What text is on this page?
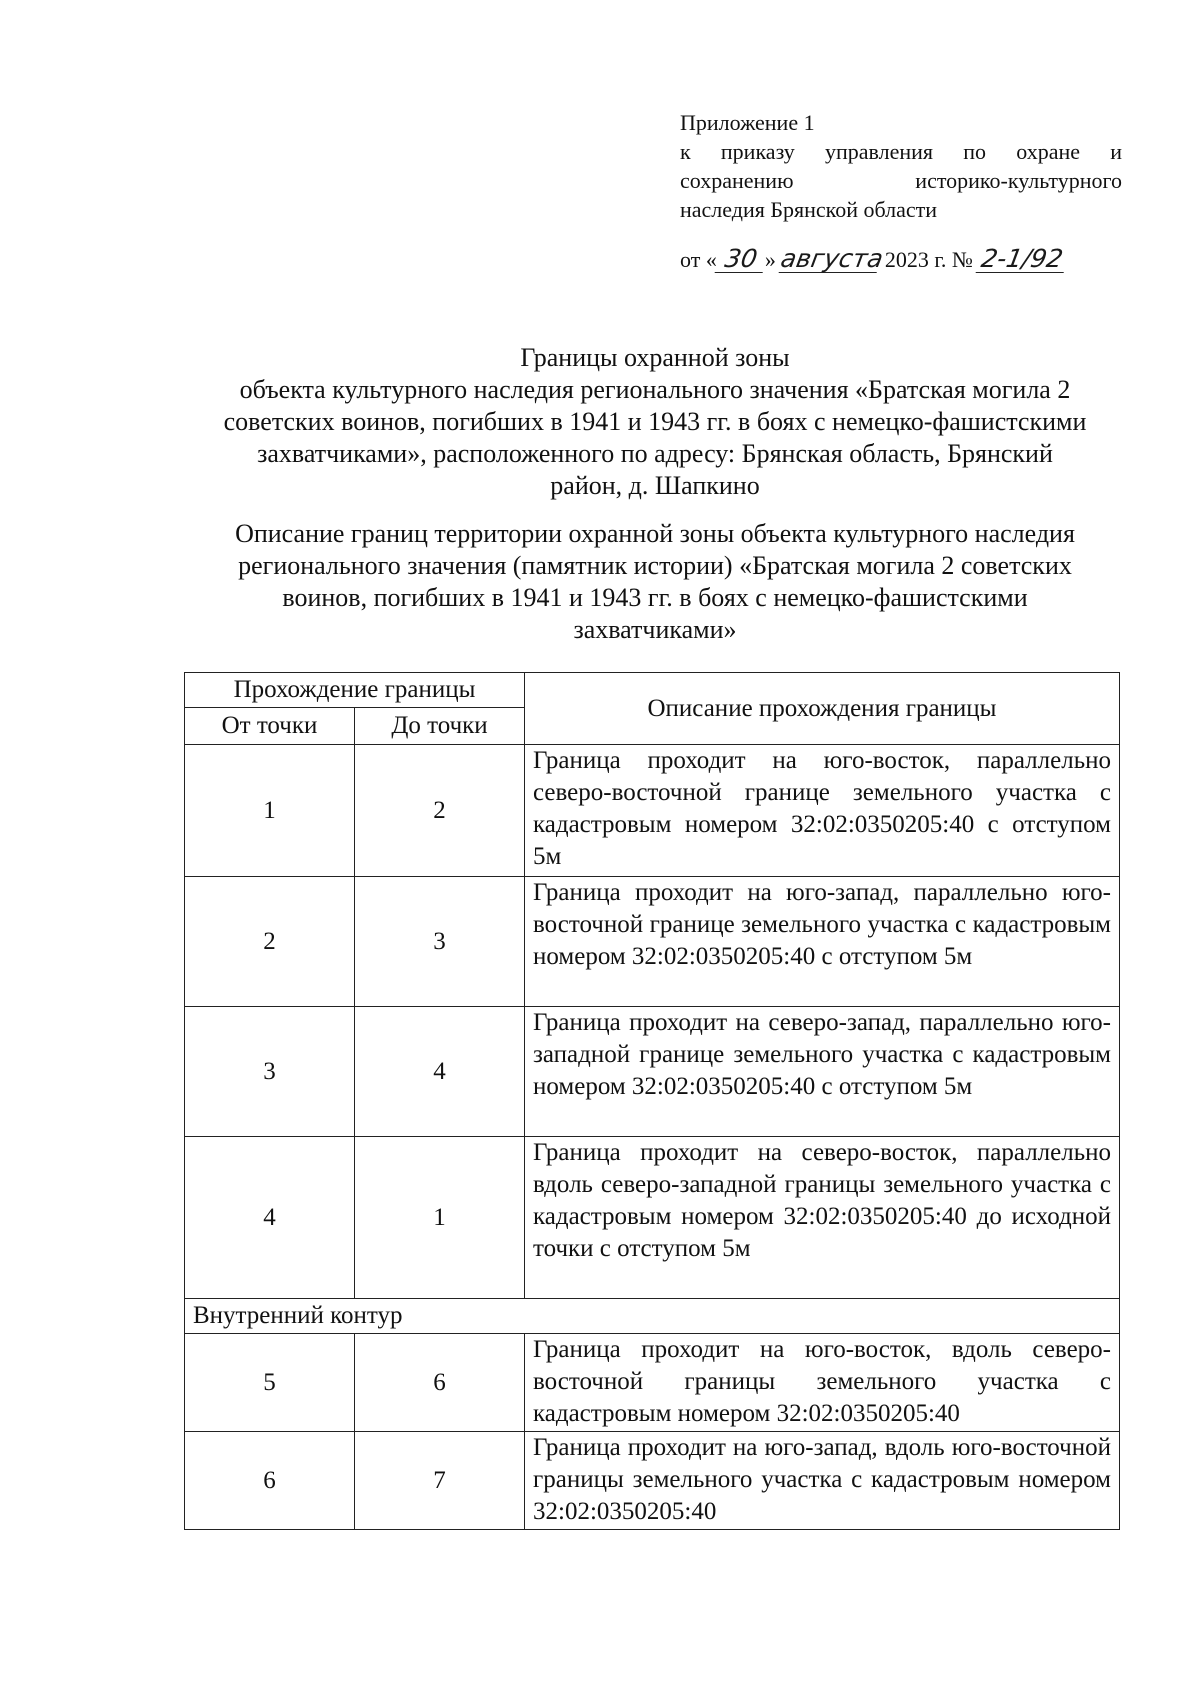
Приложение 1
к приказу управления по охране и
сохранению историко-культурного
наследия Брянской области
от « 30 » августа 2023 г. № 2-1/92
Границы охранной зоны
объекта культурного наследия регионального значения «Братская могила 2
советских воинов, погибших в 1941 и 1943 гг. в боях с немецко-фашистскими
захватчиками», расположенного по адресу: Брянская область, Брянский
район, д. Шапкино
Описание границ территории охранной зоны объекта культурного наследия
регионального значения (памятник истории) «Братская могила 2 советских
воинов, погибших в 1941 и 1943 гг. в боях с немецко-фашистскими
захватчиками»
Прохождение границы		Описание прохождения границы
От точки	До точки	
1	2	Граница проходит на юго-восток, параллельно северо-восточной границе земельного участка с кадастровым номером 32:02:0350205:40 с отступом 5м
2	3	Граница проходит на юго-запад, параллельно юго-восточной границе земельного участка с кадастровым номером 32:02:0350205:40 с отступом 5м
3	4	Граница проходит на северо-запад, параллельно юго-западной границе земельного участка с кадастровым номером 32:02:0350205:40 с отступом 5м
4	1	Граница проходит на северо-восток, параллельно вдоль северо-западной границы земельного участка с кадастровым номером 32:02:0350205:40 до исходной точки с отступом 5м
Внутренний контур		
5	6	Граница проходит на юго-восток, вдоль северо-восточной границы земельного участка с кадастровым номером 32:02:0350205:40
6	7	Граница проходит на юго-запад, вдоль юго-восточной границы земельного участка с кадастровым номером 32:02:0350205:40
